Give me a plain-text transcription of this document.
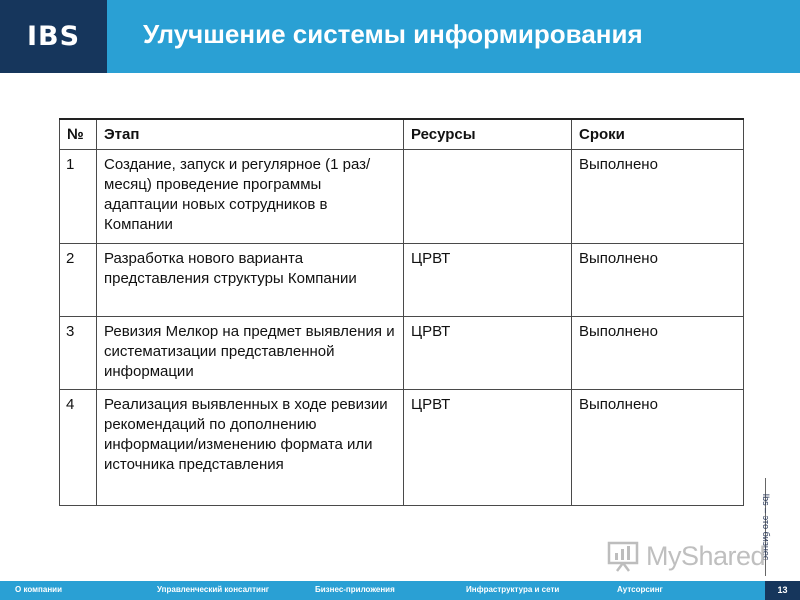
IBS	Улучшение системы информирования
№	Этап	Ресурсы	Сроки
1	Создание, запуск и регулярное (1 раз/месяц) проведение программы адаптации новых сотрудников в Компании		Выполнено
2	Разработка нового варианта представления структуры Компании	ЦРВТ	Выполнено
3	Ревизия Мелкор на предмет выявления и систематизации представленной информации	ЦРВТ	Выполнено
4	Реализация выявленных в ходе ревизии рекомендаций по дополнению информации/изменению формата или источника представления	ЦРВТ	Выполнено
Ibs – это бизнес
MyShared
О компании	Управленческий консалтинг	Бизнес-приложения	Инфраструктура и сети	Аутсорсинг	13
